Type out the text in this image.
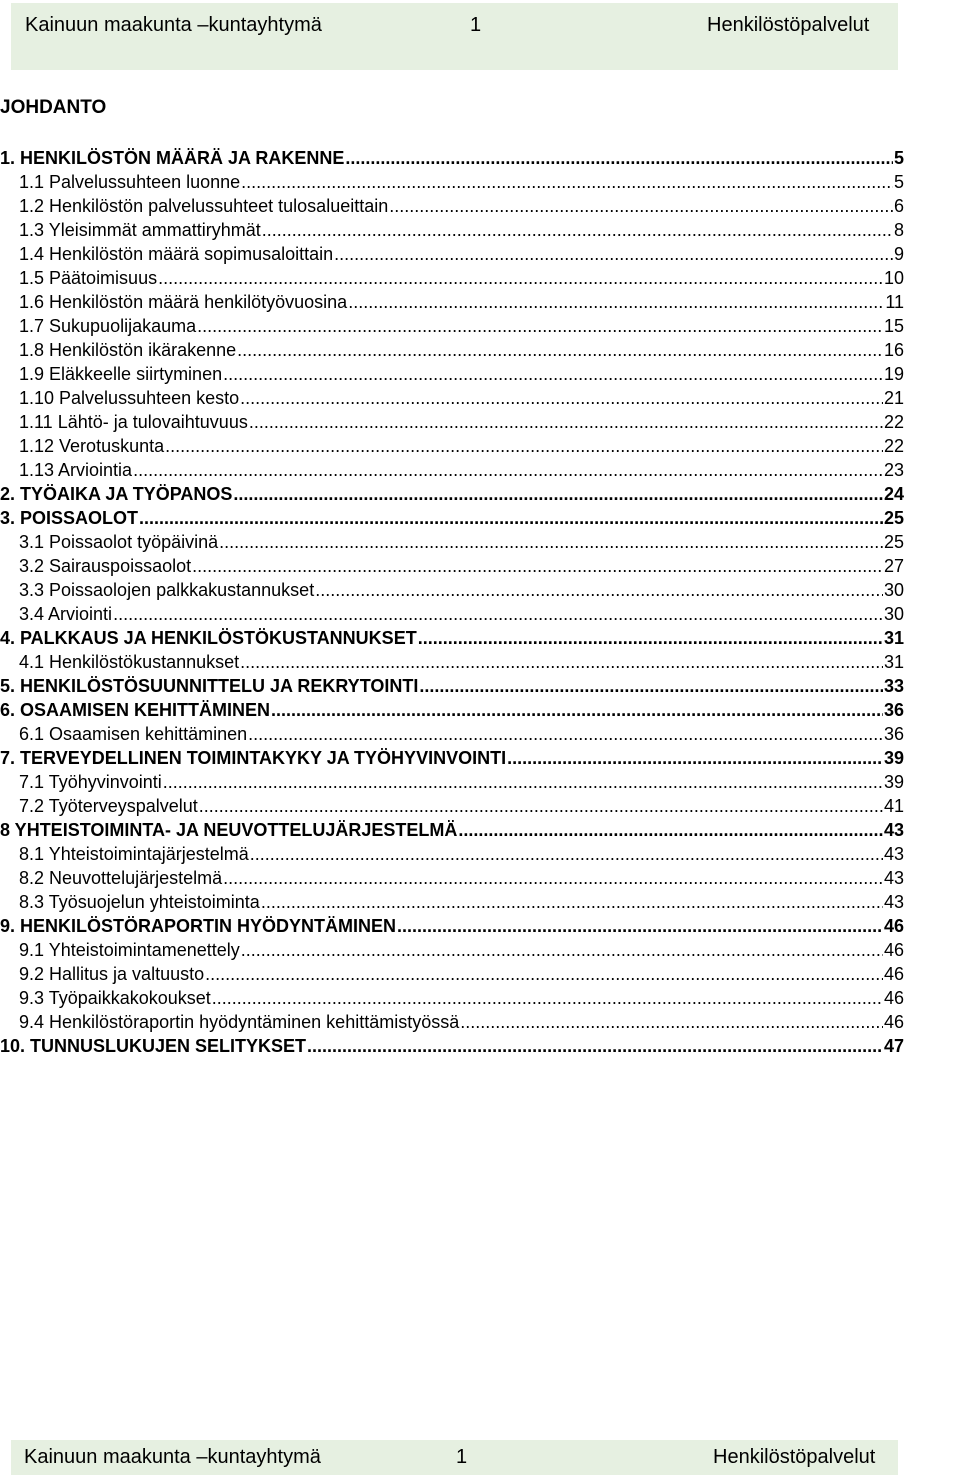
Kainuun maakunta –kuntayhtymä	1	Henkilöstöpalvelut
JOHDANTO
1. HENKILÖSTÖN MÄÄRÄ JA RAKENNE .....	5
1.1 Palvelussuhteen luonne .....	5
1.2 Henkilöstön palvelussuhteet tulosalueittain .....	6
1.3 Yleisimmät ammattiryhmät .....	8
1.4 Henkilöstön määrä sopimusaloittain .....	9
1.5 Päätoimisuus .....	10
1.6 Henkilöstön määrä henkilötyövuosina .....	11
1.7 Sukupuolijakauma .....	15
1.8 Henkilöstön ikärakenne .....	16
1.9 Eläkkeelle siirtyminen .....	19
1.10 Palvelussuhteen kesto .....	21
1.11 Lähtö- ja tulovaihtuvuus .....	22
1.12 Verotuskunta .....	22
1.13 Arviointia .....	23
2. TYÖAIKA JA TYÖPANOS .....	24
3. POISSAOLOT .....	25
3.1 Poissaolot työpäivinä .....	25
3.2 Sairauspoissaolot .....	27
3.3 Poissaolojen palkkakustannukset .....	30
3.4 Arviointi .....	30
4. PALKKAUS JA HENKILÖSTÖKUSTANNUKSET .....	31
4.1 Henkilöstökustannukset .....	31
5. HENKILÖSTÖSUUNNITTELU JA REKRYTOINTI .....	33
6. OSAAMISEN KEHITTÄMINEN .....	36
6.1 Osaamisen kehittäminen .....	36
7. TERVEYDELLINEN TOIMINTAKYKY JA TYÖHYVINVOINTI .....	39
7.1 Työhyvinvointi .....	39
7.2 Työterveyspalvelut .....	41
8 YHTEISTOIMINTA- JA NEUVOTTELUJÄRJESTELMÄ .....	43
8.1 Yhteistoimintajärjestelmä .....	43
8.2 Neuvottelujärjestelmä .....	43
8.3 Työsuojelun yhteistoiminta .....	43
9. HENKILÖSTÖRAPORTIN HYÖDYNTÄMINEN .....	46
9.1 Yhteistoimintamenettely .....	46
9.2 Hallitus ja valtuusto .....	46
9.3 Työpaikkakokoukset .....	46
9.4 Henkilöstöraportin hyödyntäminen kehittämistyössä .....	46
10. TUNNUSLUKUJEN SELITYKSET .....	47
Kainuun maakunta –kuntayhtymä	1	Henkilöstöpalvelut
